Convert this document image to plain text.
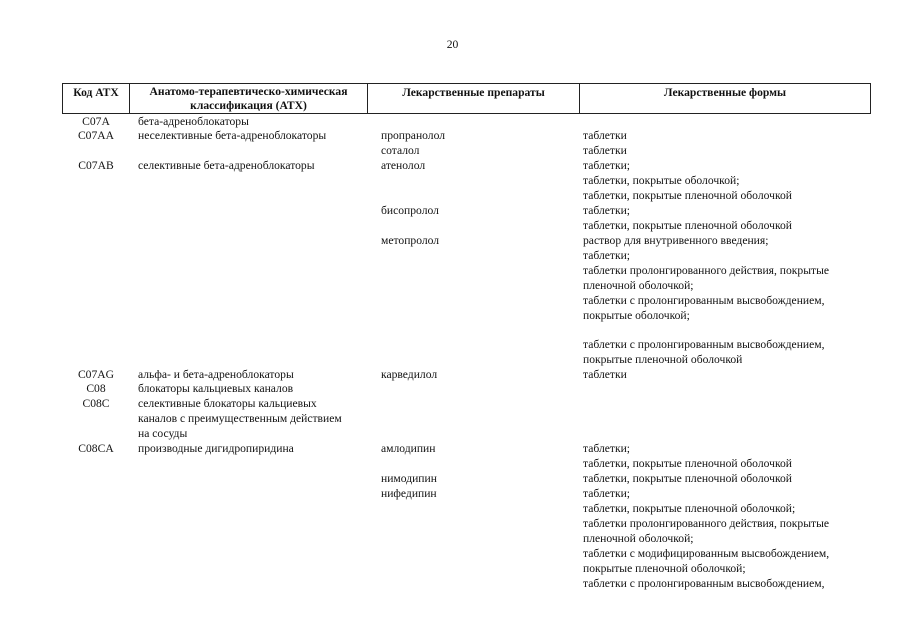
20
Код АТХ	Анатомо-терапевтическо-химическая
классификация (АТХ)
Лекарственные препараты	Лекарственные формы
C07A
C07AA
C07AB
C07AG
C08
C08C
C08CA
бета-адреноблокаторы
неселективные бета-адреноблокаторы
селективные бета-адреноблокаторы
альфа- и бета-адреноблокаторы
блокаторы кальциевых каналов
селективные блокаторы кальциевых
каналов с преимущественным действием
на сосуды
производные дигидропиридина
пропранолол
соталол
атенолол
бисопролол
метопролол
карведилол
амлодипин
нимодипин
нифедипин
таблетки
таблетки
таблетки;
таблетки, покрытые оболочкой;
таблетки, покрытые пленочной оболочкой
таблетки;
таблетки, покрытые пленочной оболочкой
раствор для внутривенного введения;
таблетки;
таблетки пролонгированного действия, покрытые
пленочной оболочкой;
таблетки с пролонгированным высвобождением,
покрытые оболочкой;
таблетки с пролонгированным высвобождением,
покрытые пленочной оболочкой
таблетки
таблетки;
таблетки, покрытые пленочной оболочкой
таблетки, покрытые пленочной оболочкой
таблетки;
таблетки, покрытые пленочной оболочкой;
таблетки пролонгированного действия, покрытые
пленочной оболочкой;
таблетки с модифицированным высвобождением,
покрытые пленочной оболочкой;
таблетки с пролонгированным высвобождением,
